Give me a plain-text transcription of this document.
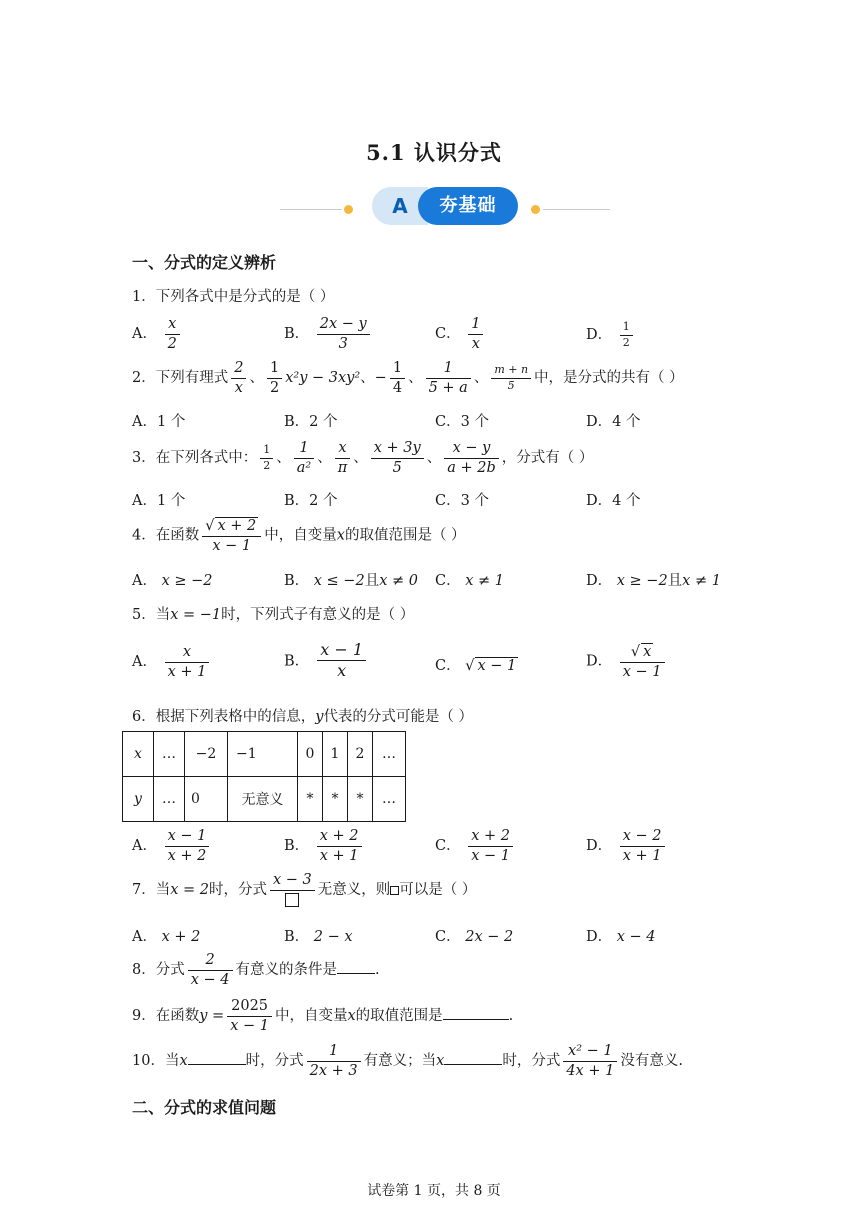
5.1 认识分式
A	夯基础
一、分式的定义辨析
1．下列各式中是分式的是（ ）
A． $\frac{x}{2}$	B． $\frac{2x - y}{3}$	C． $\frac{1}{x}$	D． $\frac{1}{2}$
2．下列有理式 $\frac{2}{x}$ 、 $\frac{1}{2} x^2y - 3xy^2$、− $\frac{1}{4}$ 、 $\frac{1}{5 + a}$ 、 $\frac{m + n}{5}$ 中，是分式的共有（ ）
A．1 个	B．2 个	C．3 个	D．4 个
3．在下列各式中： $\frac{1}{2}$ 、 $\frac{1}{\text{a²}}$ 、 $\frac{x}{\pi}$ 、 $\frac{x + 3y}{5}$ 、 $\frac{x - y}{a + 2b}$ ，分式有（ ）
A．1 个	B．2 个	C．3 个	D．4 个
4．在函数 $\frac{√ x + 2}{x - 1}$ 中，自变量x的取值范围是（ ）
A． x ≥ −2	B． x ≤ −2且x ≠ 0 C． x ≠ 1	D． x ≥ −2且x ≠ 1
5．当x = −1时，下列式子有意义的是（ ）
A． $\frac{x}{x + 1}$	B． $\frac{x - 1}{x}$	C． √ x − 1	D． $\frac{√ x}{x - 1}$
6．根据下列表格中的信息，y代表的分式可能是（ ）
x	…	−2	−1	0	1	2	…
y	…	0	无意义	*	*	*	…
A． $\frac{x - 1}{x + 2}$	B． $\frac{x + 2}{x + 1}$	C． $\frac{x + 2}{x - 1}$	D． $\frac{x - 2}{x + 1}$
7．当x = 2时，分式
x − 3
无意义，则 可以是（ ）
A． x + 2	B． 2 − x	C． 2x − 2	D． x − 4
8．分式 $\frac{2}{x - 4}$ 有意义的条件是	.
9．在函数$y = \frac{2025}{x - 1}$ 中，自变量x的取值范围是	.
10．当x	时，分式 $\frac{1}{2x + 3}$ 有意义；当x	时，分式 $\frac{\text{x² − 1}}{4x + 1}$ 没有意义.
二、分式的求值问题
试卷第 1 页，共 8 页
